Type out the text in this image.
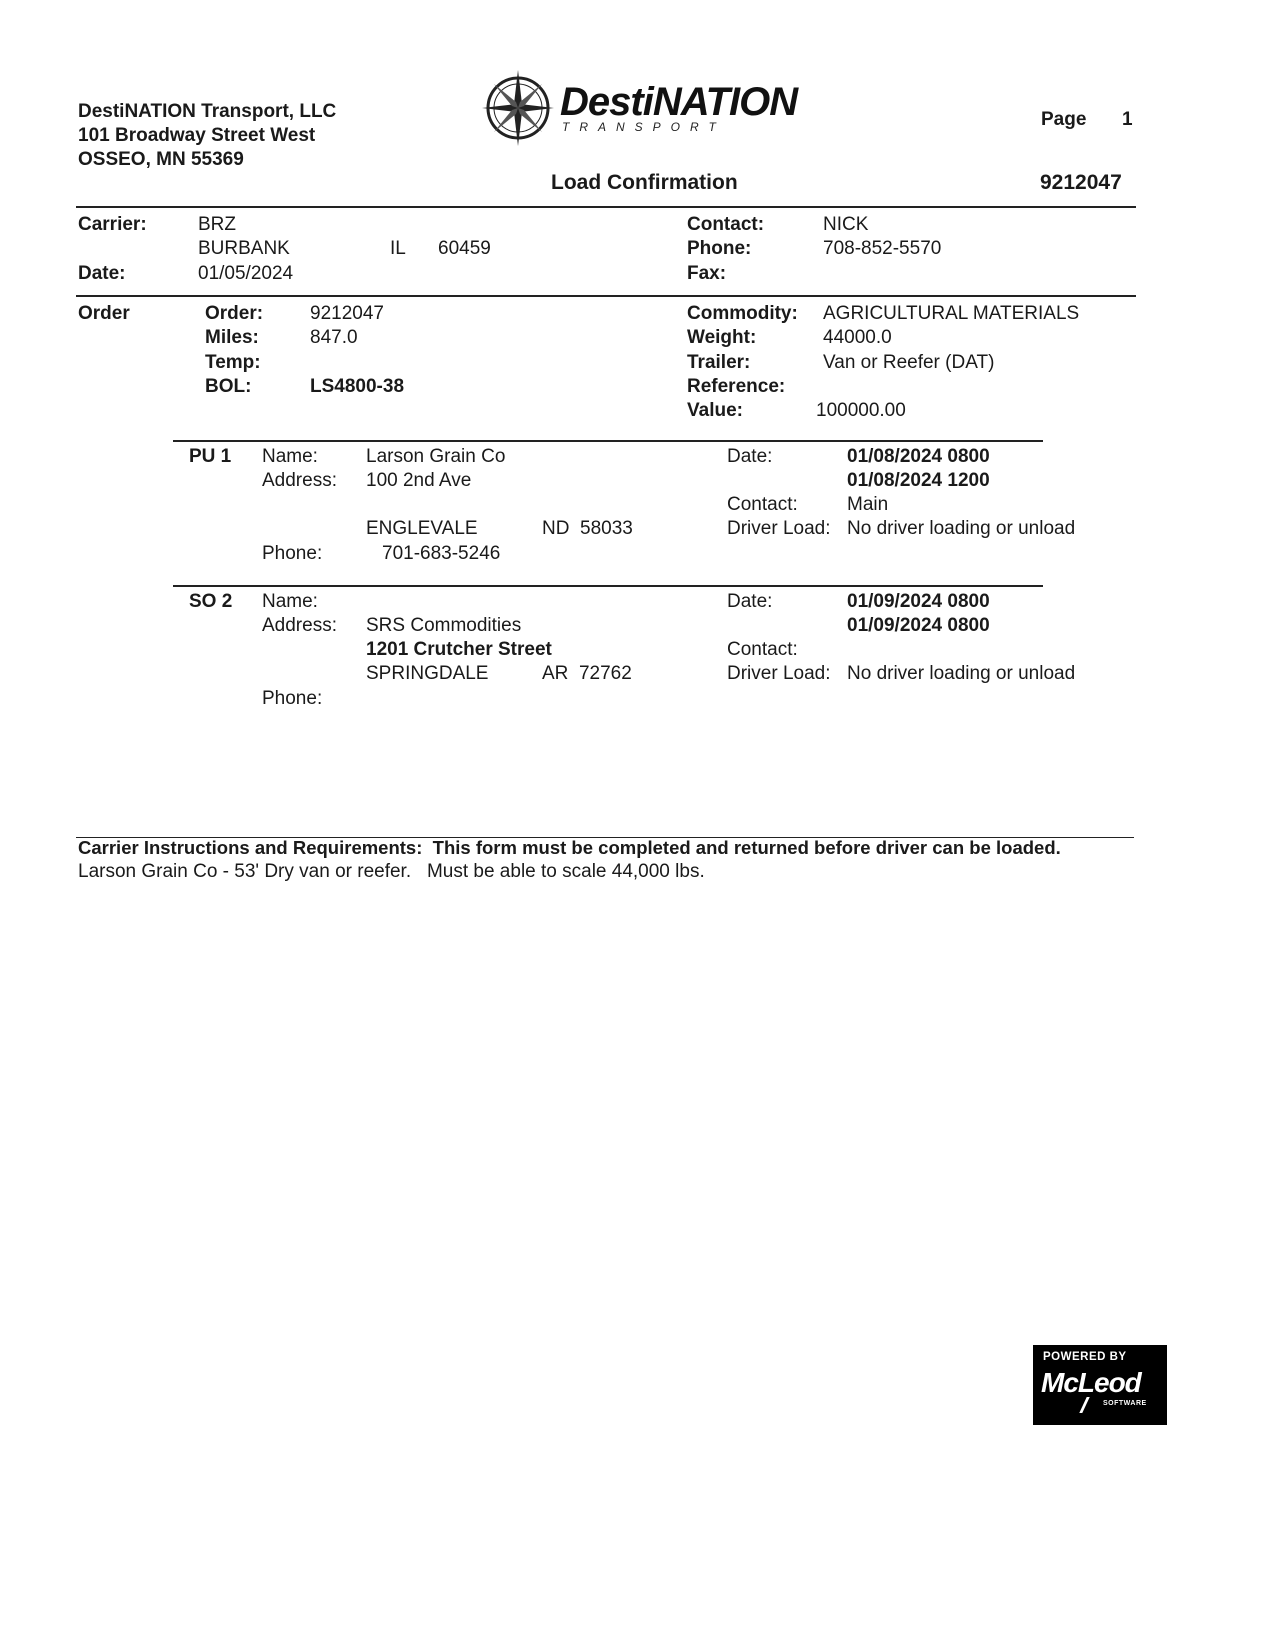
DestiNATION Transport, LLC
101 Broadway Street West
OSSEO, MN 55369
DestiNATION
TRANSPORT	Page 1
Load Confirmation	9212047
Carrier:	BRZ
BURBANK	IL 60459
Date:	01/05/2024
Contact:	NICK
Phone:	708-852-5570
Fax:
Order	Order: 9212047
Miles:	847.0
Temp:
BOL:	LS4800-38
Commodity: AGRICULTURAL MATERIALS
Weight:	44000.0
Trailer:	Van or Reefer (DAT)
Reference:
Value:	100000.00
PU 1 Name:	Larson Grain Co
Address: 100 2nd Ave
ENGLEVALE	ND  58033
Phone:	701-683-5246
Date:	01/08/2024 0800
01/08/2024 1200
Contact:	Main
Driver Load: No driver loading or unload
SO 2 Name:
Address: SRS Commodities
1201 Crutcher Street
SPRINGDALE	AR  72762
Phone:
Date:	01/09/2024 0800
01/09/2024 0800
Contact:
Driver Load: No driver loading or unload
Carrier Instructions and Requirements:  This form must be completed and returned before driver can be loaded.
Larson Grain Co - 53' Dry van or reefer.   Must be able to scale 44,000 lbs.
POWERED BY
McLeod
SOFTWARE
